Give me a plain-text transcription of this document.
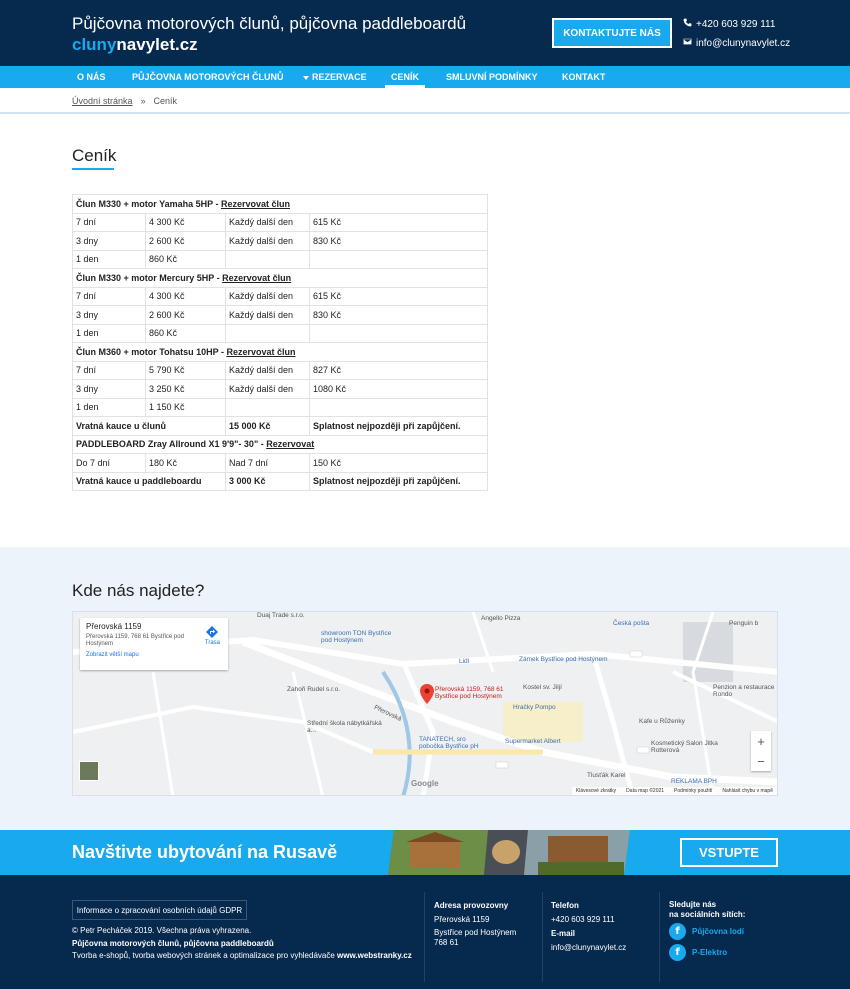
Půjčovna motorových člunů, půjčovna paddleboardů
clunynavylet.cz
KONTAKTUJTE NÁS
+420 603 929 111
info@clunynavylet.cz
O NÁS	PŮJČOVNA MOTOROVÝCH ČLUNŮ	REZERVACE	CENÍK	SMLUVNÍ PODMÍNKY	KONTAKT
Úvodní stránka » Ceník
Ceník
Člun M330 + motor Yamaha 5HP - Rezervovat člun			
7 dní	4 300 Kč	Každý další den	615 Kč
3 dny	2 600 Kč	Každý další den	830 Kč
1 den	860 Kč		
Člun M330 + motor Mercury 5HP - Rezervovat člun			
7 dní	4 300 Kč	Každý další den	615 Kč
3 dny	2 600 Kč	Každý další den	830 Kč
1 den	860 Kč		
Člun M360 + motor Tohatsu 10HP - Rezervovat člun			
7 dní	5 790 Kč	Každý další den	827 Kč
3 dny	3 250 Kč	Každý další den	1080 Kč
1 den	1 150 Kč		
Vratná kauce u člunů		15 000 Kč	Splatnost nejpozději při zapůjčení.
PADDLEBOARD Zray Allround X1 9'9"- 30" - Rezervovat			
Do 7 dní	180 Kč	Nad 7 dní	150 Kč
Vratná kauce u paddleboardu		3 000 Kč	Splatnost nejpozději při zapůjčení.
Kde nás najdete?
Přerovská 1159
Přerovská 1159, 768 61 Bystřice pod Hostýnem
Zobrazit větší mapu
Trasa
Angello Pizza
Česká pošta	Penguin b
Duaj Trade s.r.o.
showroom TON Bystřice pod Hostýnem
Lidl	Zámek Bystřice pod Hostýnem
Kostel sv. Jiljí
Zahoři Rudel s.r.o.
Hračky Pompo
Penzion a restaurace Rondo
Kafe u Růženky
Střední škola nábytkářská a...
TANATECH, sro pobočka Bystřice pH
Supermarket Albert	Kosmetický Salon Jitka Rotterová
Tlusťák Karel
REKLAMA BPH
Přerovská
Přerovská 1159, 768 61 Bystřice pod Hostýnem
Google
+
−
Klávesové zkratky Data map ©2021 Podmínky použití Nahlásit chybu v mapě
Navštivte ubytování na Rusavě	VSTUPTE
Informace o zpracování osobních údajů GDPR
© Petr Pecháček 2019. Všechna práva vyhrazena.
Půjčovna motorových člunů, půjčovna paddleboardů
Tvorba e-shopů, tvorba webových stránek a optimalizace pro vyhledávače www.webstranky.cz
Adresa provozovny
Přerovská 1159
Bystřice pod Hostýnem
768 61
Telefon
+420 603 929 111
E-mail
info@clunynavylet.cz
Sledujte nás
na sociálních sítích:
f	Půjčovna lodí
f	P-Elektro
